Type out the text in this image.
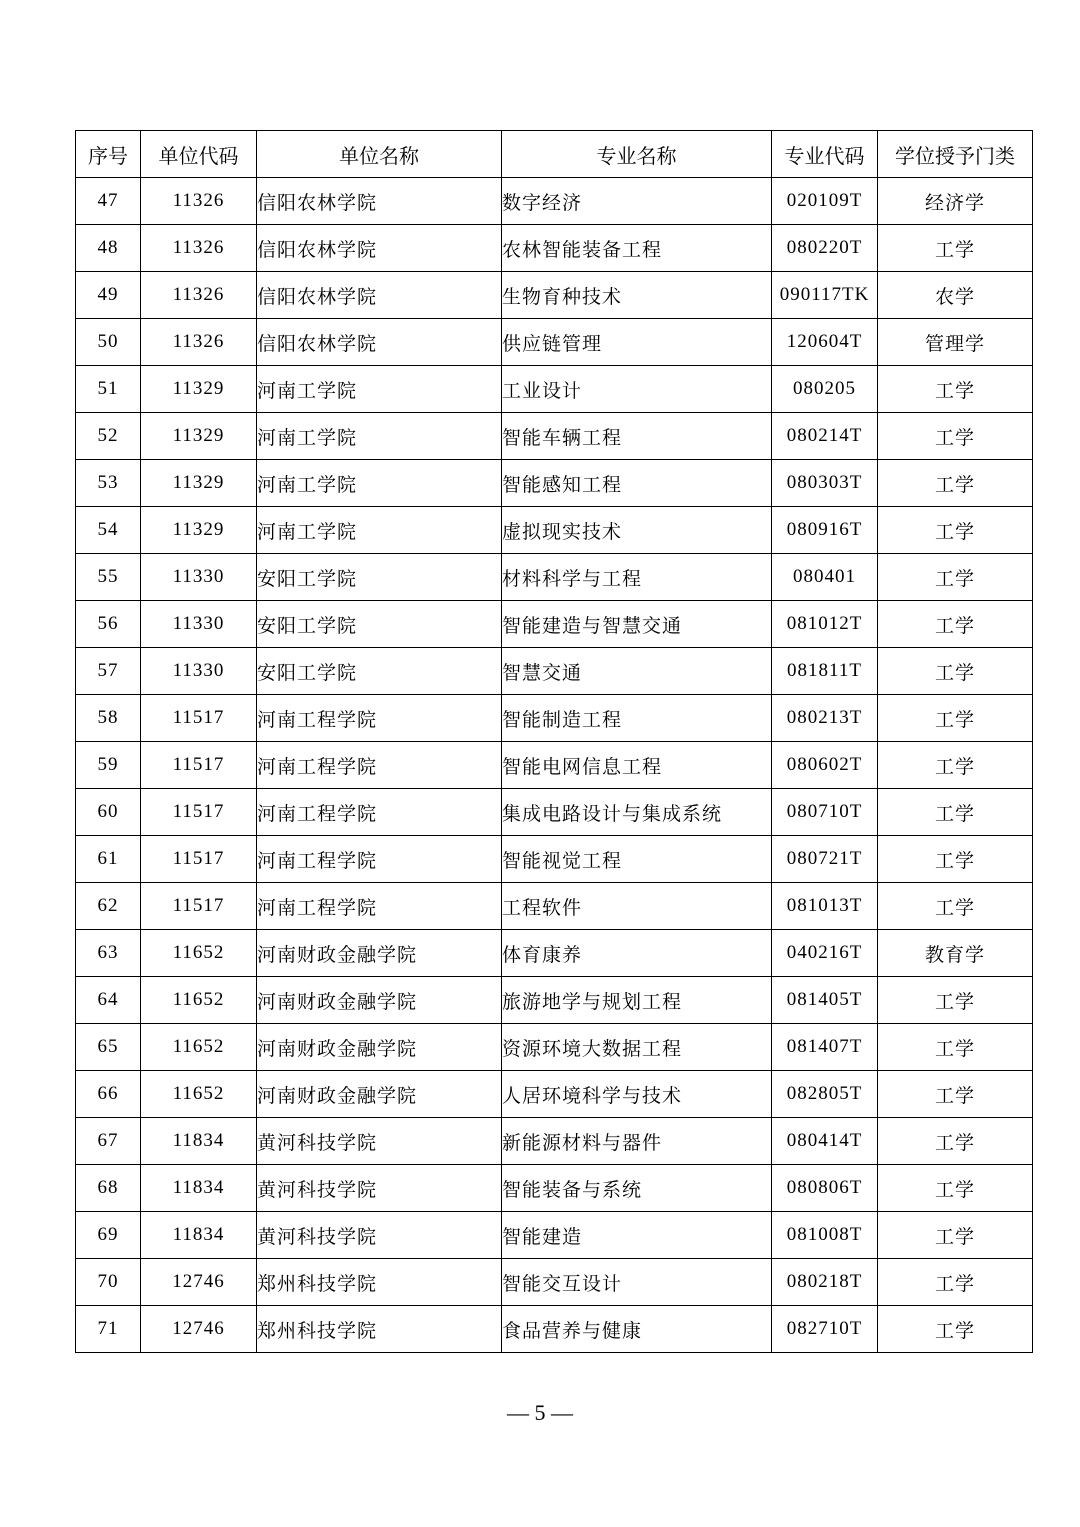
序号	单位代码	单位名称	专业名称	专业代码	学位授予门类
47	11326	信阳农林学院	数字经济	020109T	经济学
48	11326	信阳农林学院	农林智能装备工程	080220T	工学
49	11326	信阳农林学院	生物育种技术	090117TK	农学
50	11326	信阳农林学院	供应链管理	120604T	管理学
51	11329	河南工学院	工业设计	080205	工学
52	11329	河南工学院	智能车辆工程	080214T	工学
53	11329	河南工学院	智能感知工程	080303T	工学
54	11329	河南工学院	虚拟现实技术	080916T	工学
55	11330	安阳工学院	材料科学与工程	080401	工学
56	11330	安阳工学院	智能建造与智慧交通	081012T	工学
57	11330	安阳工学院	智慧交通	081811T	工学
58	11517	河南工程学院	智能制造工程	080213T	工学
59	11517	河南工程学院	智能电网信息工程	080602T	工学
60	11517	河南工程学院	集成电路设计与集成系统	080710T	工学
61	11517	河南工程学院	智能视觉工程	080721T	工学
62	11517	河南工程学院	工程软件	081013T	工学
63	11652	河南财政金融学院	体育康养	040216T	教育学
64	11652	河南财政金融学院	旅游地学与规划工程	081405T	工学
65	11652	河南财政金融学院	资源环境大数据工程	081407T	工学
66	11652	河南财政金融学院	人居环境科学与技术	082805T	工学
67	11834	黄河科技学院	新能源材料与器件	080414T	工学
68	11834	黄河科技学院	智能装备与系统	080806T	工学
69	11834	黄河科技学院	智能建造	081008T	工学
70	12746	郑州科技学院	智能交互设计	080218T	工学
71	12746	郑州科技学院	食品营养与健康	082710T	工学
— 5 —
